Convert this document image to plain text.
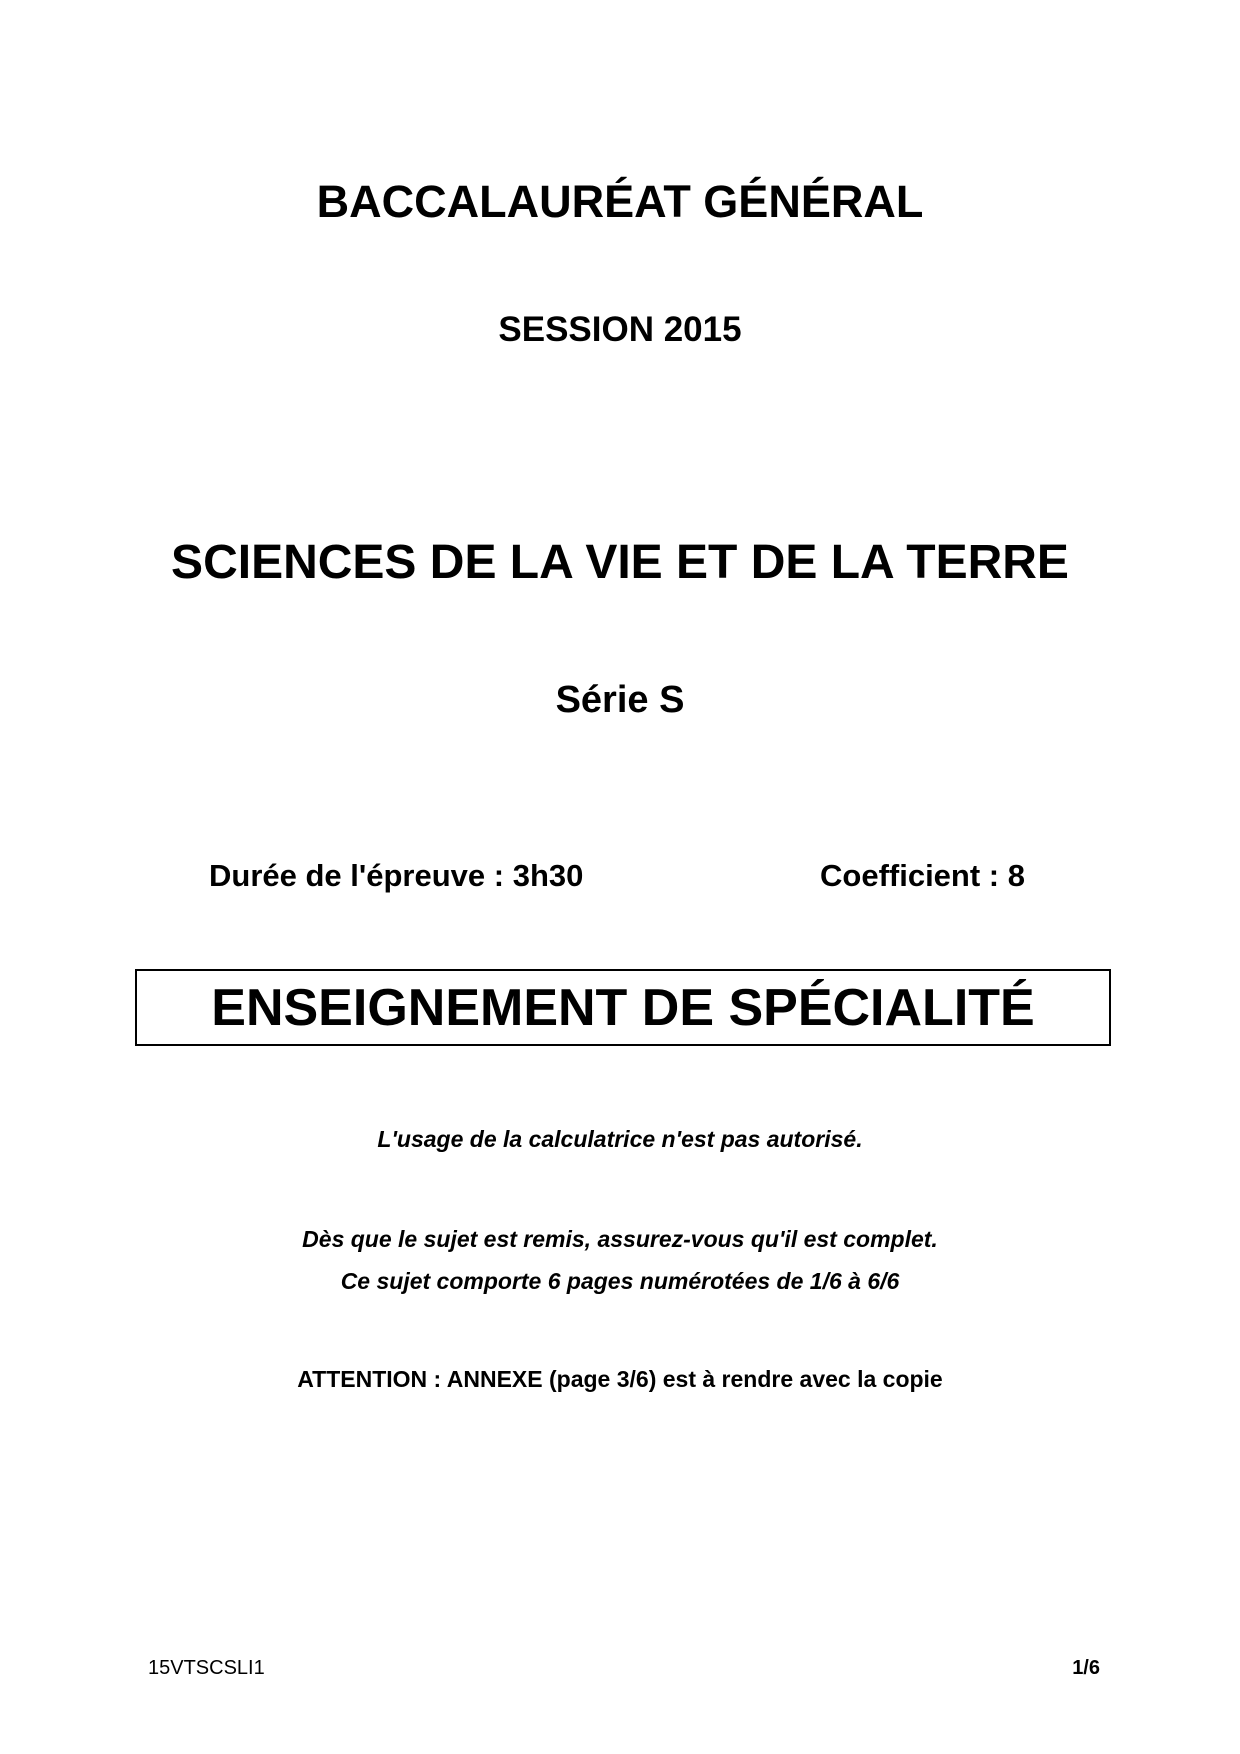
BACCALAURÉAT GÉNÉRAL
SESSION 2015
SCIENCES DE LA VIE ET DE LA TERRE
Série S
Durée de l'épreuve : 3h30	Coefficient : 8
ENSEIGNEMENT DE SPÉCIALITÉ
L'usage de la calculatrice n'est pas autorisé.
Dès que le sujet est remis, assurez-vous qu'il est complet.
Ce sujet comporte 6 pages numérotées de 1/6 à 6/6
ATTENTION : ANNEXE (page 3/6) est à rendre avec la copie
15VTSCSLI1	1/6
